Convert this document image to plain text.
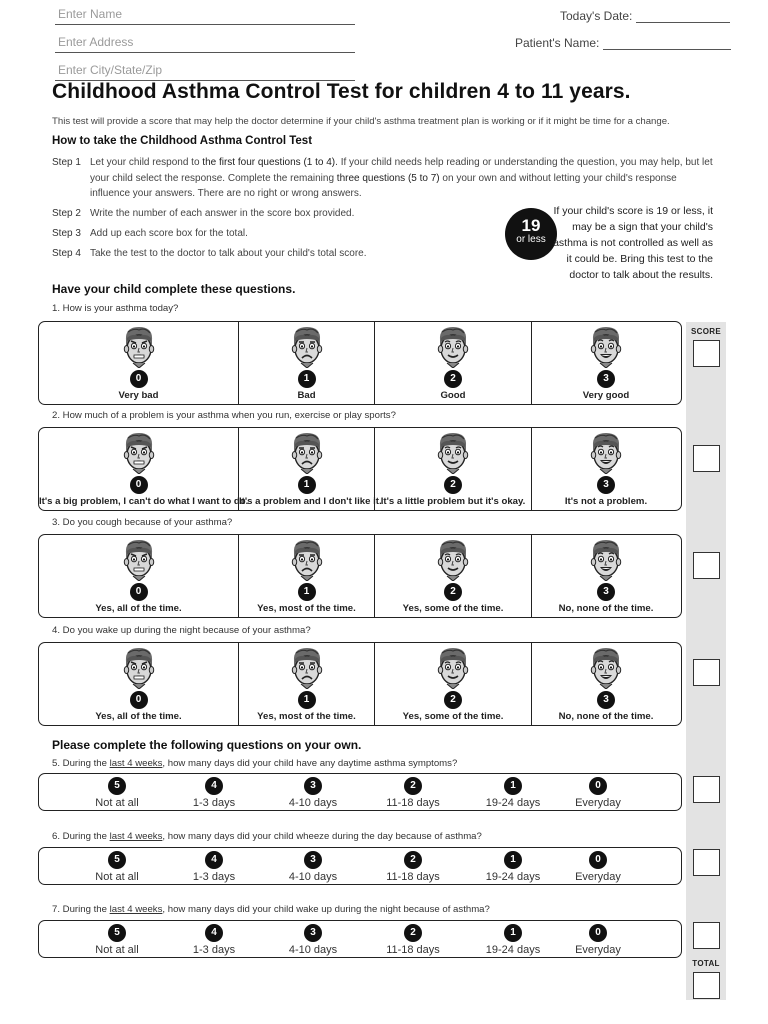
Enter Name
Enter Address
Enter City/State/Zip
Today's Date:
Patient's Name:
Childhood Asthma Control Test for children 4 to 11 years.
This test will provide a score that may help the doctor determine if your child's asthma treatment plan is working or if it might be time for a change.
How to take the Childhood Asthma Control Test
Step 1 Let your child respond to the first four questions (1 to 4). If your child needs help reading or understanding the question, you may help, but let your child select the response. Complete the remaining three questions (5 to 7) on your own and without letting your child's response influence your answers. There are no right or wrong answers.
Step 2 Write the number of each answer in the score box provided.
Step 3 Add up each score box for the total.
Step 4 Take the test to the doctor to talk about your child's total score.
19
or less
If your child's score is 19 or less, it may be a sign that your child's asthma is not controlled as well as it could be. Bring this test to the doctor to talk about the results.
Have your child complete these questions.
1. How is your asthma today?
0
Very bad
1
Bad
2
Good
3
Very good
2. How much of a problem is your asthma when you run, exercise or play sports?
0
It's a big problem, I can't do what I want to do.
1
It's a problem and I don't like it.
2
It's a little problem but it's okay.
3
It's not a problem.
3. Do you cough because of your asthma?
0
Yes, all of the time.
1
Yes, most of the time.
2
Yes, some of the time.
3
No, none of the time.
4. Do you wake up during the night because of your asthma?
0
Yes, all of the time.
1
Yes, most of the time.
2
Yes, some of the time.
3
No, none of the time.
Please complete the following questions on your own.
5. During the last 4 weeks, how many days did your child have any daytime asthma symptoms?
5
Not at all
4
1-3 days
3
4-10 days
2
11-18 days
1
19-24 days
0
Everyday
6. During the last 4 weeks, how many days did your child wheeze during the day because of asthma?
5
Not at all
4
1-3 days
3
4-10 days
2
11-18 days
1
19-24 days
0
Everyday
7. During the last 4 weeks, how many days did your child wake up during the night because of asthma?
5
Not at all
4
1-3 days
3
4-10 days
2
11-18 days
1
19-24 days
0
Everyday
SCORE
TOTAL
